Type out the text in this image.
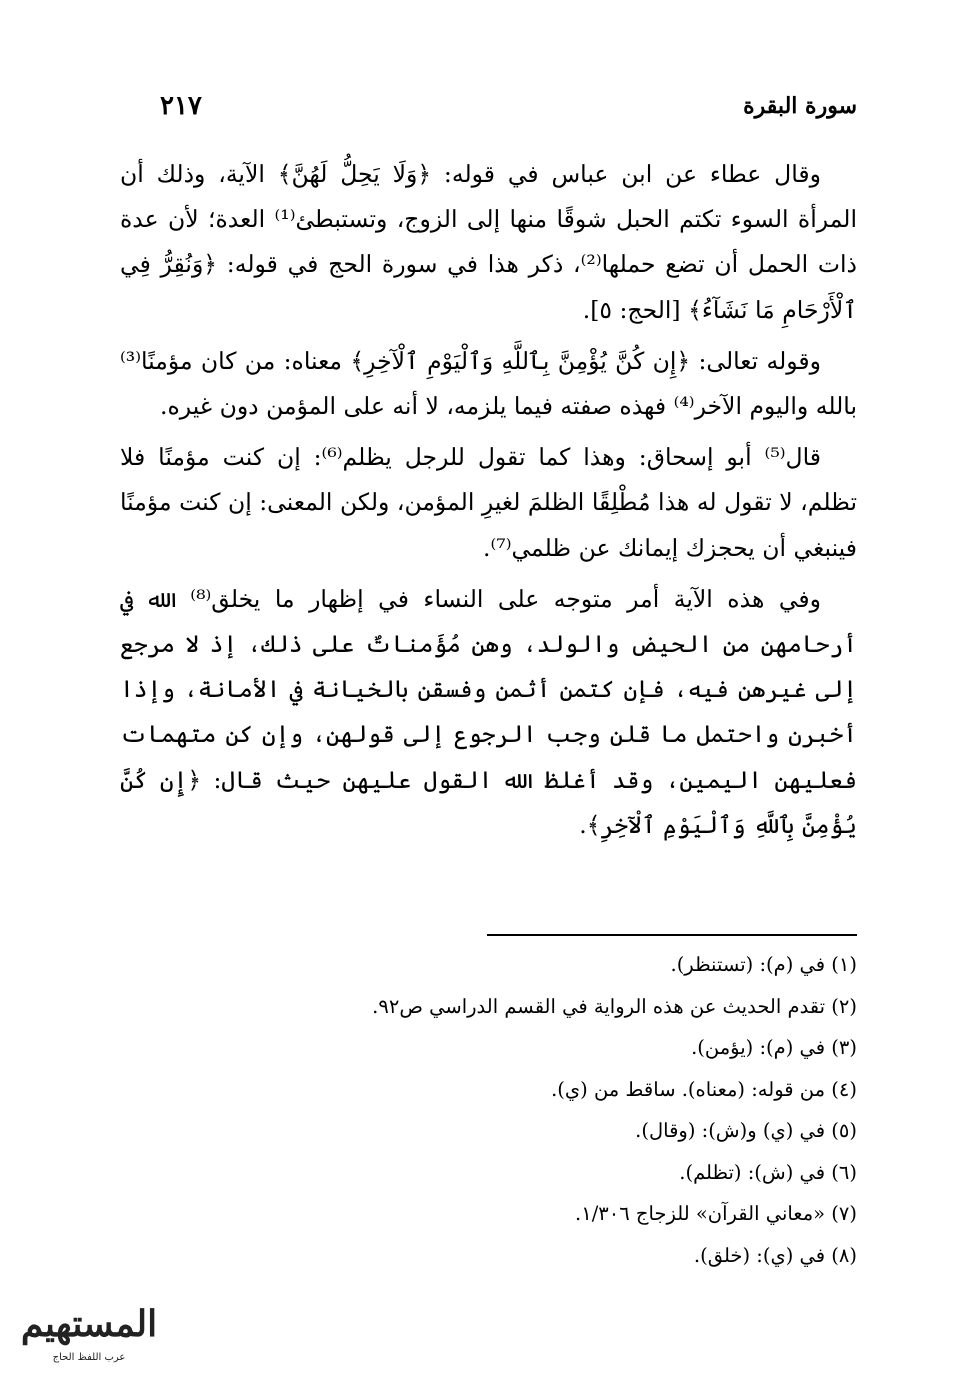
سورة البقرة
٢١٧

وقال عطاء عن ابن عباس في قوله: ﴿وَلَا يَحِلُّ لَهُنَّ﴾ الآية، وذلك أن المرأة السوء تكتم الحبل شوقًا منها إلى الزوج، وتستبطئ⁽¹⁾ العدة؛ لأن عدة ذات الحمل أن تضع حملها⁽²⁾، ذكر هذا في سورة الحج في قوله: ﴿وَنُقِرُّ فِي ٱلْأَرْحَامِ مَا نَشَآءُ﴾ [الحج: ٥].

وقوله تعالى: ﴿إِن كُنَّ يُؤْمِنَّ بِٱللَّهِ وَٱلْيَوْمِ ٱلْآخِرِ﴾ معناه: من كان مؤمنًا⁽³⁾ بالله واليوم الآخر⁽⁴⁾ فهذه صفته فيما يلزمه، لا أنه على المؤمن دون غيره.

قال⁽⁵⁾ أبو إسحاق: وهذا كما تقول للرجل يظلم⁽⁶⁾: إن كنت مؤمنًا فلا تظلم، لا تقول له هذا مُطْلِقًا الظلمَ لغيرِ المؤمن، ولكن المعنى: إن كنت مؤمنًا فينبغي أن يحجزك إيمانك عن ظلمي⁽⁷⁾.

وفي هذه الآية أمر متوجه على النساء في إظهار ما يخلق⁽⁸⁾ الله في أرحامهن من الحيض والولد، وهن مُؤَمناتٌ على ذلك، إذ لا مرجع إلى غيرهن فيه، فإن كتمن أثمن وفسقن بالخيانة في الأمانة، وإذا أخبرن واحتمل ما قلن وجب الرجوع إلى قولهن، وإن كن متهمات فعليهن اليمين، وقد أغلظ الله القول عليهن حيث قال: ﴿إِن كُنَّ يُؤْمِنَّ بِٱللَّهِ وَٱلْيَوْمِ ٱلْآخِرِ﴾.

(١) في (م): (تستنظر).

(٢) تقدم الحديث عن هذه الرواية في القسم الدراسي ص٩٢.

(٣) في (م): (يؤمن).

(٤) من قوله: (معناه). ساقط من (ي).

(٥) في (ي) و(ش): (وقال).

(٦) في (ش): (تظلم).

(٧) «معاني القرآن» للزجاج ١/٣٠٦.

(٨) في (ي): (خلق).

المستهيم
عرب اللفظ الحاج
